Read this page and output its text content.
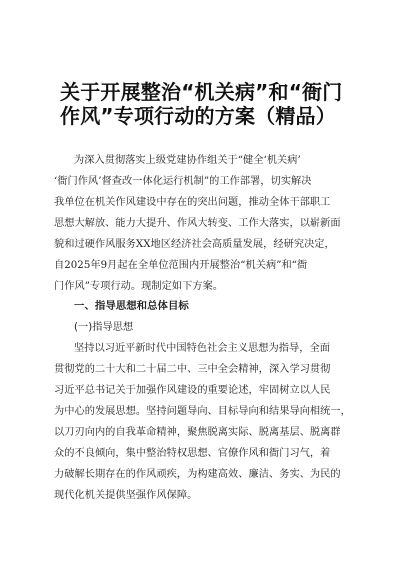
关于开展整治“机关病”和“衙门
作风”专项行动的方案（精品）
为深入贯彻落实上级党建协作组关于“健全‘机关病’
‘衙门作风’督查改一体化运行机制”的工作部署，切实解决
我单位在机关作风建设中存在的突出问题，推动全体干部职工
思想大解放、能力大提升、作风大转变、工作大落实，以崭新面
貌和过硬作风服务XX地区经济社会高质量发展，经研究决定，
自2025年9月起在全单位范围内开展整治“机关病”和“衙
门作风”专项行动。现制定如下方案。
一、指导思想和总体目标
(一)指导思想
坚持以习近平新时代中国特色社会主义思想为指导，全面
贯彻党的二十大和二十届二中、三中全会精神，深入学习贯彻
习近平总书记关于加强作风建设的重要论述，牢固树立以人民
为中心的发展思想。坚持问题导向、目标导向和结果导向相统一，
以刀刃向内的自我革命精神，聚焦脱离实际、脱离基层、脱离群
众的不良倾向，集中整治特权思想、官僚作风和衙门习气，着
力破解长期存在的作风顽疾，为构建高效、廉洁、务实、为民的
现代化机关提供坚强作风保障。
